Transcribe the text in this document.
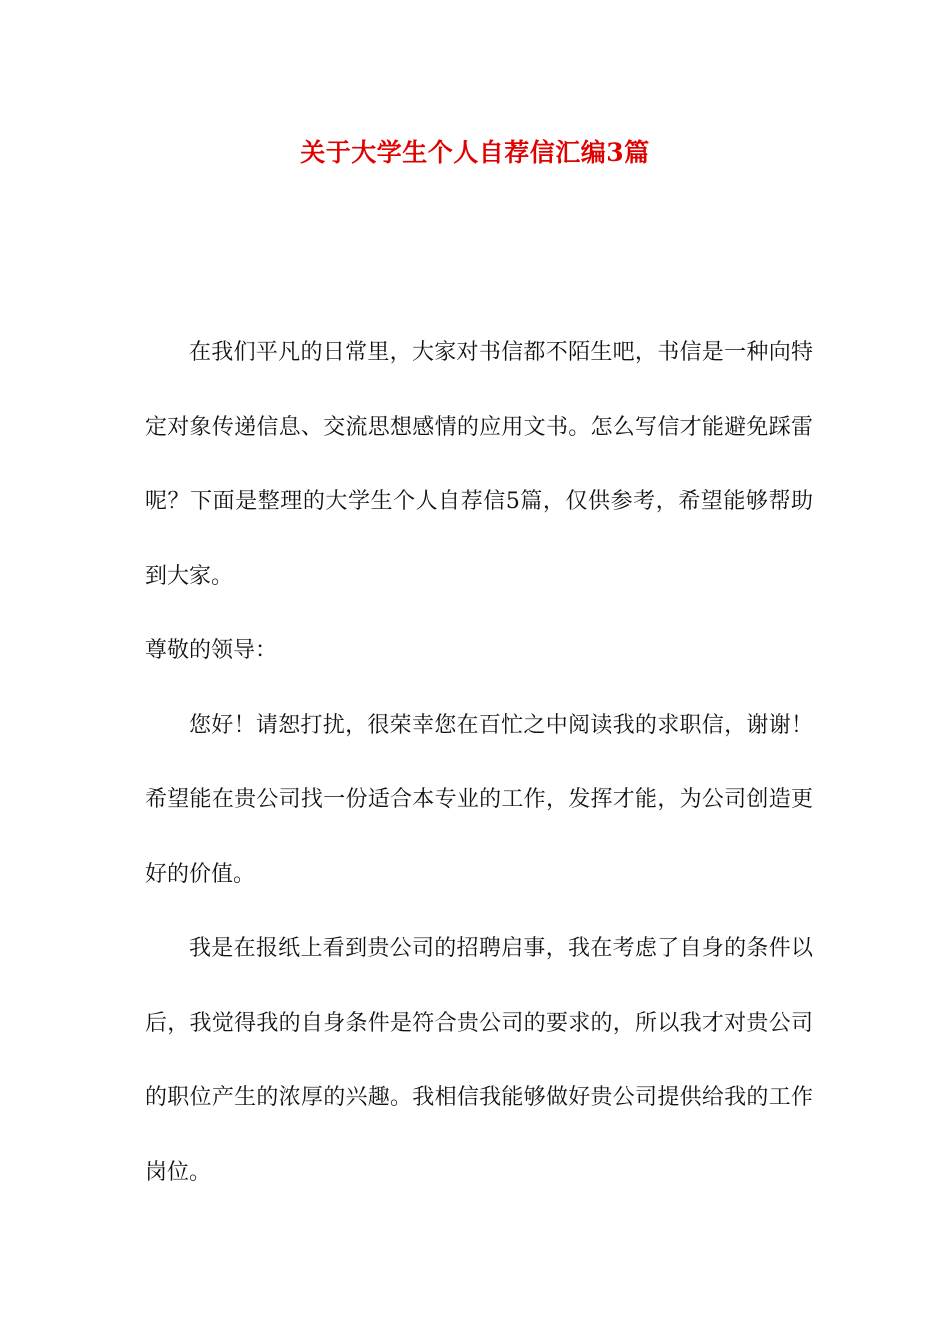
关于大学生个人自荐信汇编3篇

在我们平凡的日常里，大家对书信都不陌生吧，书信是一种向特定对象传递信息、交流思想感情的应用文书。怎么写信才能避免踩雷呢？下面是整理的大学生个人自荐信5篇，仅供参考，希望能够帮助到大家。

尊敬的领导：

您好！请恕打扰，很荣幸您在百忙之中阅读我的求职信，谢谢！希望能在贵公司找一份适合本专业的工作，发挥才能，为公司创造更好的价值。

我是在报纸上看到贵公司的招聘启事，我在考虑了自身的条件以后，我觉得我的自身条件是符合贵公司的要求的，所以我才对贵公司的职位产生的浓厚的兴趣。我相信我能够做好贵公司提供给我的工作岗位。
